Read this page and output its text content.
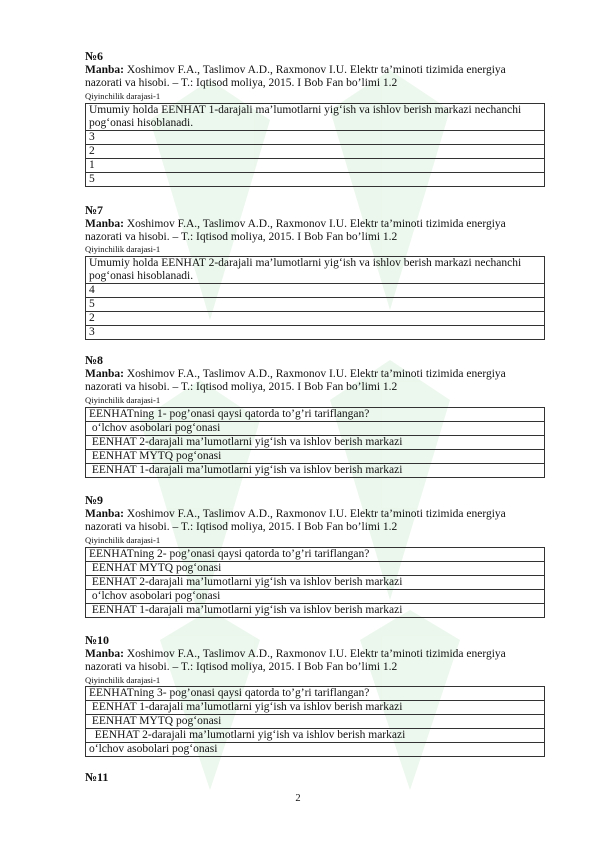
№6
Manba: Xoshimov F.A., Taslimov A.D., Raxmonov I.U. Elektr ta’minoti tizimida energiya nazorati va hisobi. – T.: Iqtisod moliya, 2015. I Bob Fan bo’limi 1.2
Qiyinchilik darajasi-1
Umumiy holda EENHAT 1-darajali ma’lumotlarni yig‘ish va ishlov berish markazi nechanchi pog‘onasi hisoblanadi.
3
2
1
5
№7
Manba: Xoshimov F.A., Taslimov A.D., Raxmonov I.U. Elektr ta’minoti tizimida energiya nazorati va hisobi. – T.: Iqtisod moliya, 2015. I Bob Fan bo’limi 1.2
Qiyinchilik darajasi-1
Umumiy holda EENHAT 2-darajali ma’lumotlarni yig‘ish va ishlov berish markazi nechanchi pog‘onasi hisoblanadi.
4
5
2
3
№8
Manba: Xoshimov F.A., Taslimov A.D., Raxmonov I.U. Elektr ta’minoti tizimida energiya nazorati va hisobi. – T.: Iqtisod moliya, 2015. I Bob Fan bo’limi 1.2
Qiyinchilik darajasi-1
EENHATning 1- pog’onasi qaysi qatorda to’g’ri tariflangan?
o‘lchov asobolari pog‘onasi
EENHAT 2-darajali ma’lumotlarni yig‘ish va ishlov berish markazi
EENHAT MYTQ pog‘onasi
EENHAT 1-darajali ma’lumotlarni yig‘ish va ishlov berish markazi
№9
Manba: Xoshimov F.A., Taslimov A.D., Raxmonov I.U. Elektr ta’minoti tizimida energiya nazorati va hisobi. – T.: Iqtisod moliya, 2015. I Bob Fan bo’limi 1.2
Qiyinchilik darajasi-1
EENHATning 2- pog’onasi qaysi qatorda to’g’ri tariflangan?
EENHAT MYTQ pog‘onasi
EENHAT 2-darajali ma’lumotlarni yig‘ish va ishlov berish markazi
o‘lchov asobolari pog‘onasi
EENHAT 1-darajali ma’lumotlarni yig‘ish va ishlov berish markazi
№10
Manba: Xoshimov F.A., Taslimov A.D., Raxmonov I.U. Elektr ta’minoti tizimida energiya nazorati va hisobi. – T.: Iqtisod moliya, 2015. I Bob Fan bo’limi 1.2
Qiyinchilik darajasi-1
EENHATning 3- pog’onasi qaysi qatorda to’g’ri tariflangan?
EENHAT 1-darajali ma’lumotlarni yig‘ish va ishlov berish markazi
EENHAT MYTQ pog‘onasi
EENHAT 2-darajali ma’lumotlarni yig‘ish va ishlov berish markazi
o‘lchov asobolari pog‘onasi
№11
2
